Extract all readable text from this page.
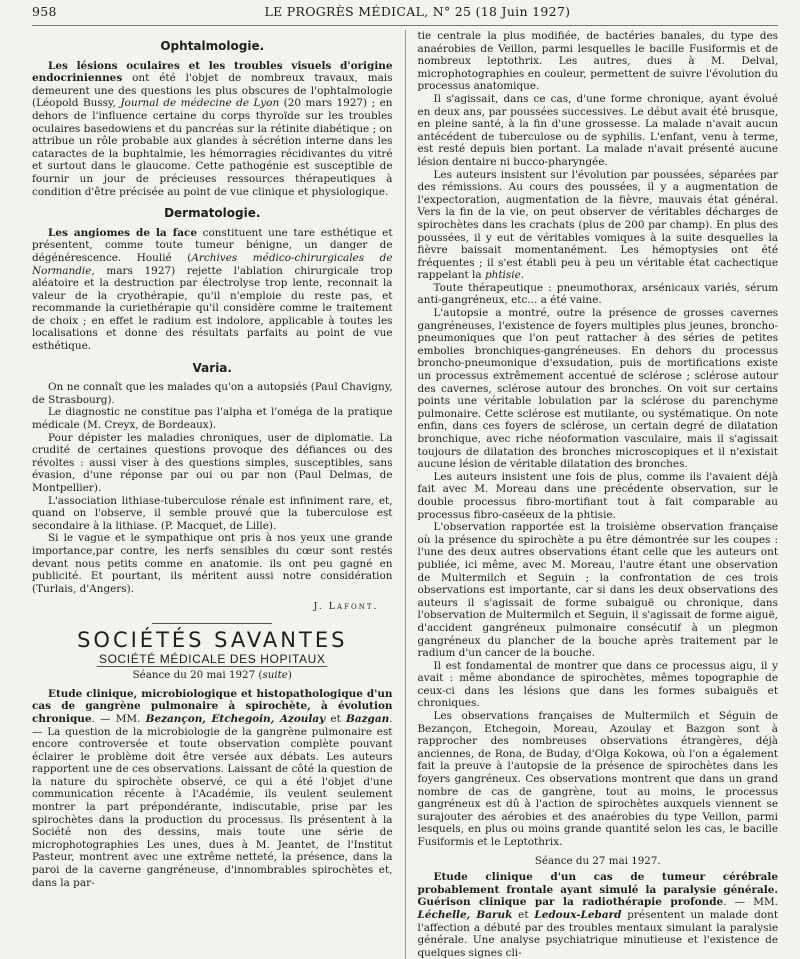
958	LE PROGRÈS MÉDICAL, N° 25 (18 Juin 1927)
Ophtalmologie.

Les lésions oculaires et les troubles visuels d'origine endocriniennes ont été l'objet de nombreux travaux, mais demeurent une des questions les plus obscures de l'ophtalmologie (Léopold Bussy, Journal de médecine de Lyon (20 mars 1927) ; en dehors de l'influence certaine du corps thyroïde sur les troubles oculaires basedowiens et du pancréas sur la rétinite diabétique ; on attribue un rôle probable aux glandes à sécrétion interne dans les cataractes de la buphtalmie, les hémorragies récidivantes du vitré et surtout dans le glaucome. Cette pathogénie est susceptible de fournir un jour de précieuses ressources thérapeutiques à condition d'être précisée au point de vue clinique et physiologique.

Dermatologie.

Les angiomes de la face constituent une tare esthétique et présentent, comme toute tumeur bénigne, un danger de dégénérescence. Houlié (Archives médico-chirurgicales de Normandie, mars 1927) rejette l'ablation chirurgicale trop aléatoire et la destruction par électrolyse trop lente, reconnait la valeur de la cryothérapie, qu'il n'emploie du reste pas, et recommande la curiethérapie qu'il considère comme le traitement de choix ; en effet le radium est indolore, applicable à toutes les localisations et donne des résultats parfaits au point de vue esthétique.

Varia.

On ne connaît que les malades qu'on a autopsiés (Paul Chavigny, de Strasbourg).

Le diagnostic ne constitue pas l'alpha et l'oméga de la pratique médicale (M. Creyx, de Bordeaux).

Pour dépister les maladies chroniques, user de diplomatie. La crudité de certaines questions provoque des défiances ou des révoltes : aussi viser à des questions simples, susceptibles, sans évasion, d'une réponse par oui ou par non (Paul Delmas, de Montpellier).

L'association lithiase-tuberculose rénale est infiniment rare, et, quand on l'observe, il semble prouvé que la tuberculose est secondaire à la lithiase. (P. Macquet, de Lille).

Si le vague et le sympathique ont pris à nos yeux une grande importance,par contre, les nerfs sensibles du cœur sont restés devant nous petits comme en anatomie. ils ont peu gagné en publicité. Et pourtant, ils méritent aussi notre considération (Turlais, d'Angers).

J. Lafont.
SOCIÉTÉS SAVANTES
SOCIÉTÉ MÉDICALE DES HOPITAUX
Séance du 20 mai 1927 (suite)

Etude clinique, microbiologique et histopathologique d'un cas de gangrène pulmonaire à spirochète, à évolution chronique. — MM. Bezançon, Etchegoin, Azoulay et Bazgan. — La question de la microbiologie de la gangrène pulmonaire est encore controversée et toute observation complète pouvant éclairer le problème doit être versée aux débats. Les auteurs rapportent une de ces observations. Laissant de côté la question de la nature du spirochète observé, ce qui a été l'objet d'une communication récente à l'Académie, ils veulent seulement montrer la part prépondérante, indiscutable, prise par les spirochètes dans la production du processus. Ils présentent à la Société non des dessins, mais toute une série de microphotographies Les unes, dues à M. Jeantet, de l'Institut Pasteur, montrent avec une extrême netteté, la présence, dans la paroi de la caverne gangréneuse, d'innombrables spirochètes et, dans la par-

tie centrale la plus modifiée, de bactéries banales, du type des anaérobies de Veillon, parmi lesquelles le bacille Fusiformis et de nombreux leptothrix. Les autres, dues à M. Delval, microphotographies en couleur, permettent de suivre l'évolution du processus anatomique.

Il s'agissait, dans ce cas, d'une forme chronique, ayant évolué en deux ans, par poussées successives. Le début avait été brusque, en pleine santé, à la fin d'une grossesse. La malade n'avait aucun antécédent de tuberculose ou de syphilis. L'enfant, venu à terme, est resté depuis bien portant. La malade n'avait présenté aucune lésion dentaire ni bucco-pharyngée.

Les auteurs insistent sur l'évolution par poussées, séparées par des rémissions. Au cours des poussées, il y a augmentation de l'expectoration, augmentation de la fièvre, mauvais état général. Vers la fin de la vie, on peut observer de véritables décharges de spirochètes dans les crachats (plus de 200 par champ). En plus des poussées, il y eut de véritables vomiques à la suite desquelles la fièvre baissait momentanément. Les hémoptysies ont été fréquentes ; il s'est établi peu à peu un véritable état cachectique rappelant la phtisie.

Toute thérapeutique : pneumothorax, arsénicaux variés, sérum anti-gangréneux, etc... a été vaine.

L'autopsie a montré, outre la présence de grosses cavernes gangréneuses, l'existence de foyers multiples plus jeunes, broncho-pneumoniques que l'on peut rattacher à des séries de petites embolies bronchiques-gangréneuses. En dehors du processus broncho-pneumonique d'exsudation, puis de mortifications existe un processus extrêmement accentué de sclérose ; sclérose autour des cavernes, sclérose autour des bronches. On voit sur certains points une véritable lobulation par la sclérose du parenchyme pulmonaire. Cette sclérose est mutilante, ou systématique. On note enfin, dans ces foyers de sclérose, un certain degré de dilatation bronchique, avec riche néoformation vasculaire, mais il s'agissait toujours de dilatation des bronches microscopiques et il n'existait aucune lésion de véritable dilatation des bronches.

Les auteurs insistent une fois de plus, comme ils l'avaient déjà fait avec M. Moreau dans une précédente observation, sur le double processus fibro-mortifiant tout à fait comparable au processus fibro-caséeux de la phtisie.

L'observation rapportée est la troisième observation française où la présence du spirochète a pu être démontrée sur les coupes : l'une des deux autres observations étant celle que les auteurs ont publiée, ici même, avec M. Moreau, l'autre étant une observation de Multermilch et Seguin ; la confrontation de ces trois observations est importante, car si dans les deux observations des auteurs il s'agissait de forme subaiguë ou chronique, dans l'observation de Multermilch et Seguin, il s'agissait de forme aiguë, d'accident gangréneux pulmonaire consécutif à un plegmon gangréneux du plancher de la bouche après traitement par le radium d'un cancer de la bouche.

Il est fondamental de montrer que dans ce processus aigu, il y avait : même abondance de spirochètes, mêmes topographie de ceux-ci dans les lésions que dans les formes subaiguës et chroniques.

Les observations françaises de Multermilch et Séguin de Bezançon, Etchegoin, Moreau, Azoulay et Bazgon sont à rapprocher des nombreuses observations étrangères, déjà anciennes, de Rona, de Buday, d'Olga Kokowa, où l'on a également fait la preuve à l'autopsie de la présence de spirochètes dans les foyers gangréneux. Ces observations montrent que dans un grand nombre de cas de gangrène, tout au moins, le processus gangréneux est dû à l'action de spirochètes auxquels viennent se surajouter des aérobies et des anaérobies du type Veillon, parmi lesquels, en plus ou moins grande quantité selon les cas, le bacille Fusiformis et le Leptothrix.

Séance du 27 mai 1927.

Etude clinique d'un cas de tumeur cérébrale probablement frontale ayant simulé la paralysie générale. Guérison clinique par la radiothérapie profonde. — MM. Léchelle, Baruk et Ledoux-Lebard présentent un malade dont l'affection a débuté par des troubles mentaux simulant la paralysie générale. Une analyse psychiatrique minutieuse et l'existence de quelques signes cli-
